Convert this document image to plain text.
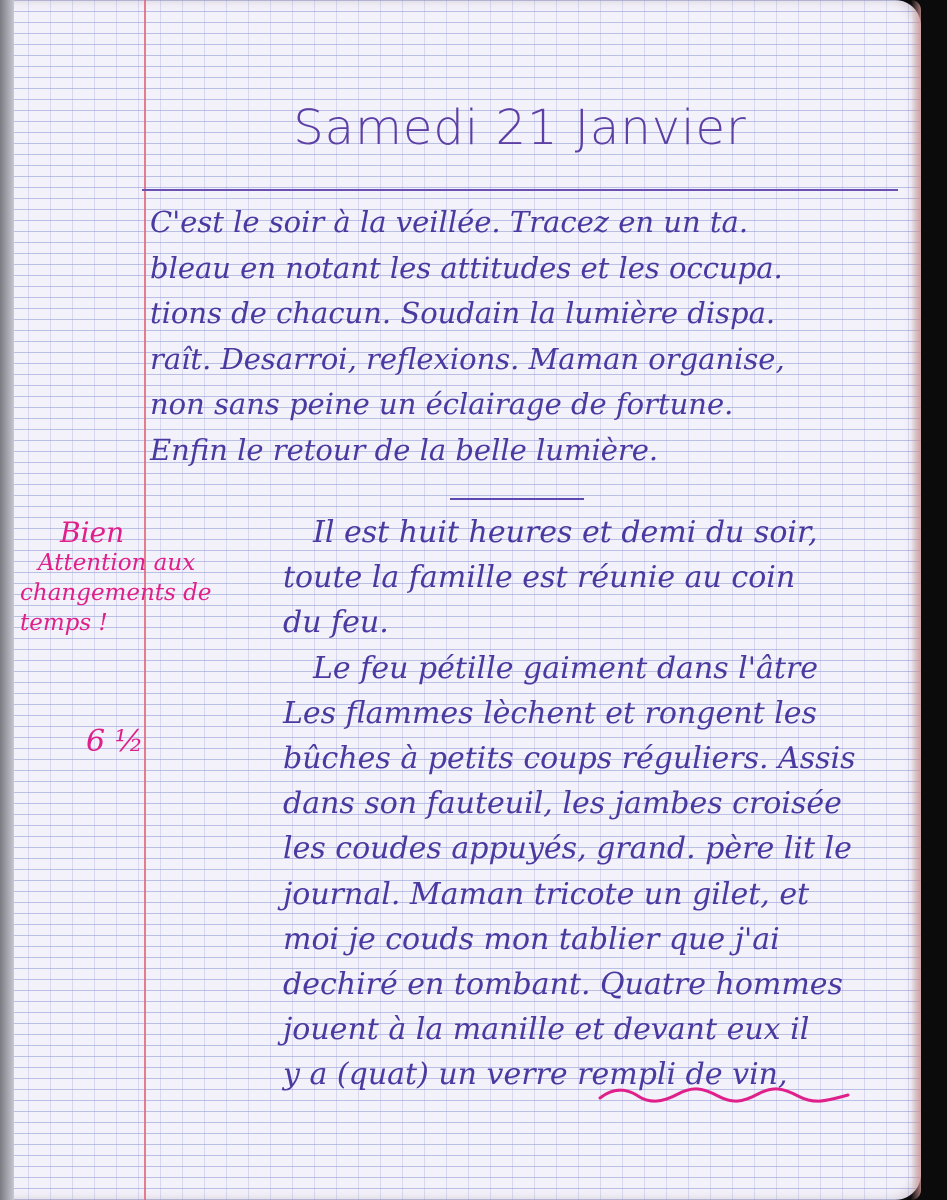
Samedi 21 Janvier
C'est le soir à la veillée. Tracez en un ta.
bleau en notant les attitudes et les occupa.
tions de chacun. Soudain la lumière dispa.
raît. Desarroi, reflexions. Maman organise,
non sans peine un éclairage de fortune.
Enfin le retour de la belle lumière.
Il est huit heures et demi du soir,
toute la famille est réunie au coin
du feu.
Le feu pétille gaiment dans l'âtre
Les flammes lèchent et rongent les
bûches à petits coups réguliers. Assis
dans son fauteuil, les jambes croisée
les coudes appuyés, grand. père lit le
journal. Maman tricote un gilet, et
moi je couds mon tablier que j'ai
dechiré en tombant. Quatre hommes
jouent à la manille et devant eux il
y a (quat) un verre rempli de vin,
Bien
Attention aux
changements de
temps !
6 ½
